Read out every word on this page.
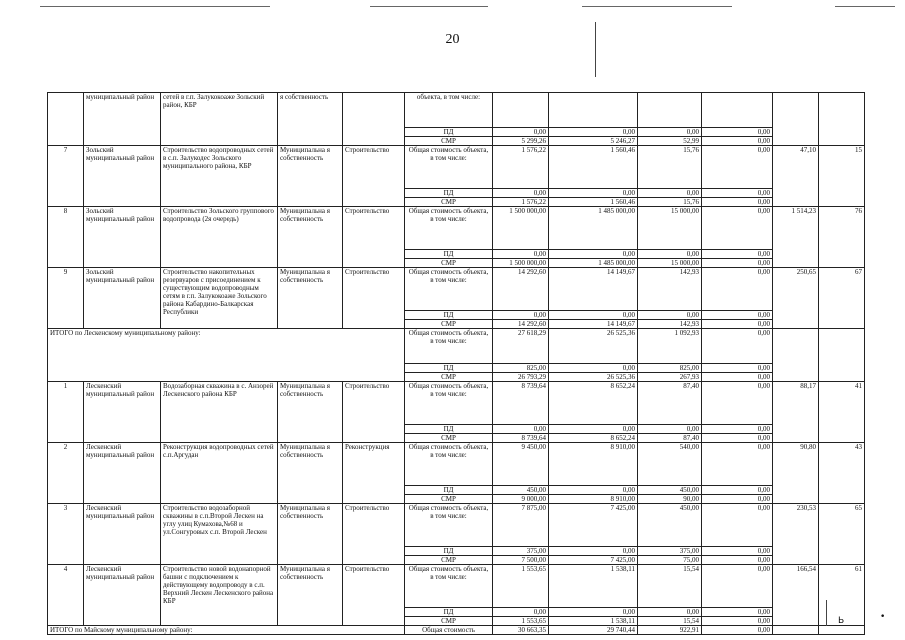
20
	муниципальный район	сетей в г.п. Залукокоаже Зольский район, КБР	я собственность		объекта, в том числе:						
					ПД	0,00	0,00	0,00	0,00		
					СМР	5 299,26	5 246,27	52,99	0,00		
7	Зольский муниципальный район	Строительство водопроводных сетей в с.п. Залукодес Зольского муниципального района, КБР	Муниципальна я собственность	Строительство	Общая стоимость объекта, в том числе:	1 576,22	1 560,46	15,76	0,00	47,10	15
					ПД	0,00	0,00	0,00	0,00		
					СМР	1 576,22	1 560,46	15,76	0,00		
8	Зольский муниципальный район	Строительство Зольского группового водопровода (2я очередь)	Муниципальна я собственность	Строительство	Общая стоимость объекта, в том числе:	1 500 000,00	1 485 000,00	15 000,00	0,00	1 514,23	76
					ПД	0,00	0,00	0,00	0,00		
					СМР	1 500 000,00	1 485 000,00	15 000,00	0,00		
9	Зольский муниципальный район	Строительство накопительных резервуаров с присоединением к существующим водопроводным сетям в г.п. Залукокоаже Зольского района Кабардино-Балкарская Республики	Муниципальна я собственность	Строительство	Общая стоимость объекта, в том числе:	14 292,60	14 149,67	142,93	0,00	250,65	67
					ПД	0,00	0,00	0,00	0,00		
					СМР	14 292,60	14 149,67	142,93	0,00		
ИТОГО по Лескенскому муниципальному району:					Общая стоимость объекта, в том числе:	27 618,29	26 525,36	1 092,93	0,00		
					ПД	825,00	0,00	825,00	0,00		
					СМР	26 793,29	26 525,36	267,93	0,00		
1	Лескенский муниципальный район	Водозаборная скважина в с. Анзорей Лескенского района КБР	Муниципальна я собственность	Строительство	Общая стоимость объекта, в том числе:	8 739,64	8 652,24	87,40	0,00	88,17	41
					ПД	0,00	0,00	0,00	0,00		
					СМР	8 739,64	8 652,24	87,40	0,00		
2	Лескенский муниципальный район	Реконструкция водопроводных сетей с.п.Аргудан	Муниципальна я собственность	Реконструкция	Общая стоимость объекта, в том числе:	9 450,00	8 910,00	540,00	0,00	90,80	43
					ПД	450,00	0,00	450,00	0,00		
					СМР	9 000,00	8 910,00	90,00	0,00		
3	Лескенский муниципальный район	Строительство водозаборной скважины в с.п.Второй Лескен на углу улиц Кумахова,№68 и ул.Сонгуровых с.п. Второй Лескен	Муниципальна я собственность	Строительство	Общая стоимость объекта, в том числе:	7 875,00	7 425,00	450,00	0,00	230,53	65
					ПД	375,00	0,00	375,00	0,00		
					СМР	7 500,00	7 425,00	75,00	0,00		
4	Лескенский муниципальный район	Строительство новой водонапорной башни с подключением к действующему водопроводу в с.п. Верхний Лескен Лескенского района КБР	Муниципальна я собственность	Строительство	Общая стоимость объекта, в том числе:	1 553,65	1 538,11	15,54	0,00	166,54	61
					ПД	0,00	0,00	0,00	0,00		
					СМР	1 553,65	1 538,11	15,54	0,00		
ИТОГО по Майскому муниципальному району:					Общая стоимость	30 663,35	29 740,44	922,91	0,00		
Ь	•
